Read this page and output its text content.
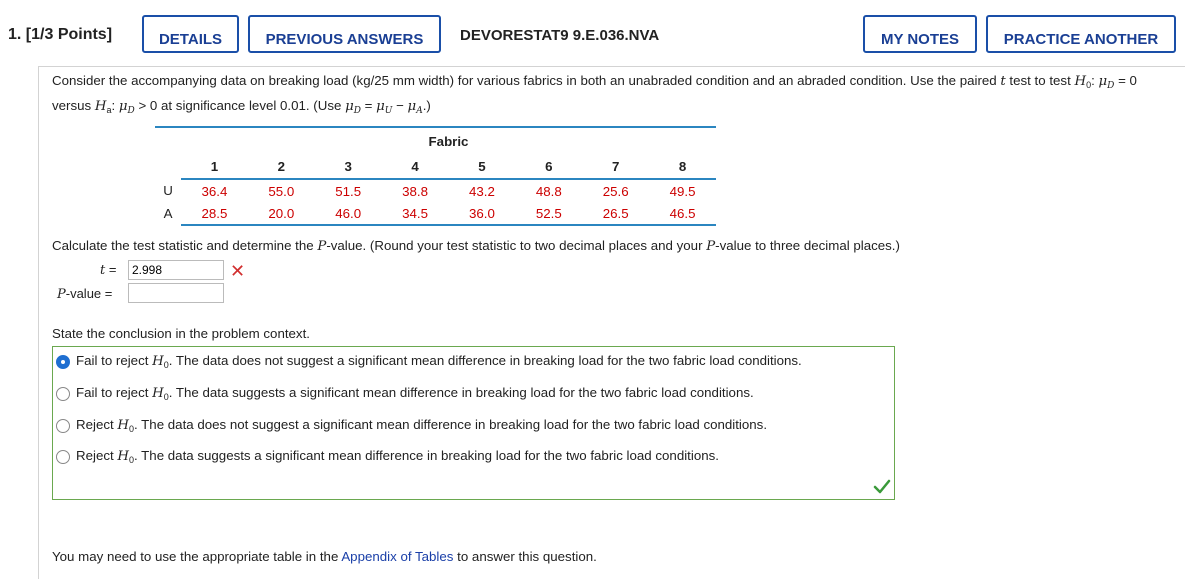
1. [1/3 Points]	DETAILS	PREVIOUS ANSWERS	DEVORESTAT9 9.E.036.NVA	MY NOTES	PRACTICE ANOTHER
Consider the accompanying data on breaking load (kg/25 mm width) for various fabrics in both an unabraded condition and an abraded condition. Use the paired t test to test $H_0$: $\mu_D = 0$ versus $H_a$: $\mu_D > 0$ at significance level 0.01. (Use $\mu_D = \mu_U - \mu_A$.)
	Fabric							
	1	2	3	4	5	6	7	8
U	36.4	55.0	51.5	38.8	43.2	48.8	25.6	49.5
A	28.5	20.0	46.0	34.5	36.0	52.5	26.5	46.5
Calculate the test statistic and determine the P-value. (Round your test statistic to two decimal places and your P-value to three decimal places.)
t =
2.998	✕
P-value =
State the conclusion in the problem context.
Fail to reject $H_0$. The data does not suggest a significant mean difference in breaking load for the two fabric load conditions.
Fail to reject $H_0$. The data suggests a significant mean difference in breaking load for the two fabric load conditions.
Reject $H_0$. The data does not suggest a significant mean difference in breaking load for the two fabric load conditions.
Reject $H_0$. The data suggests a significant mean difference in breaking load for the two fabric load conditions.
You may need to use the appropriate table in the Appendix of Tables to answer this question.
